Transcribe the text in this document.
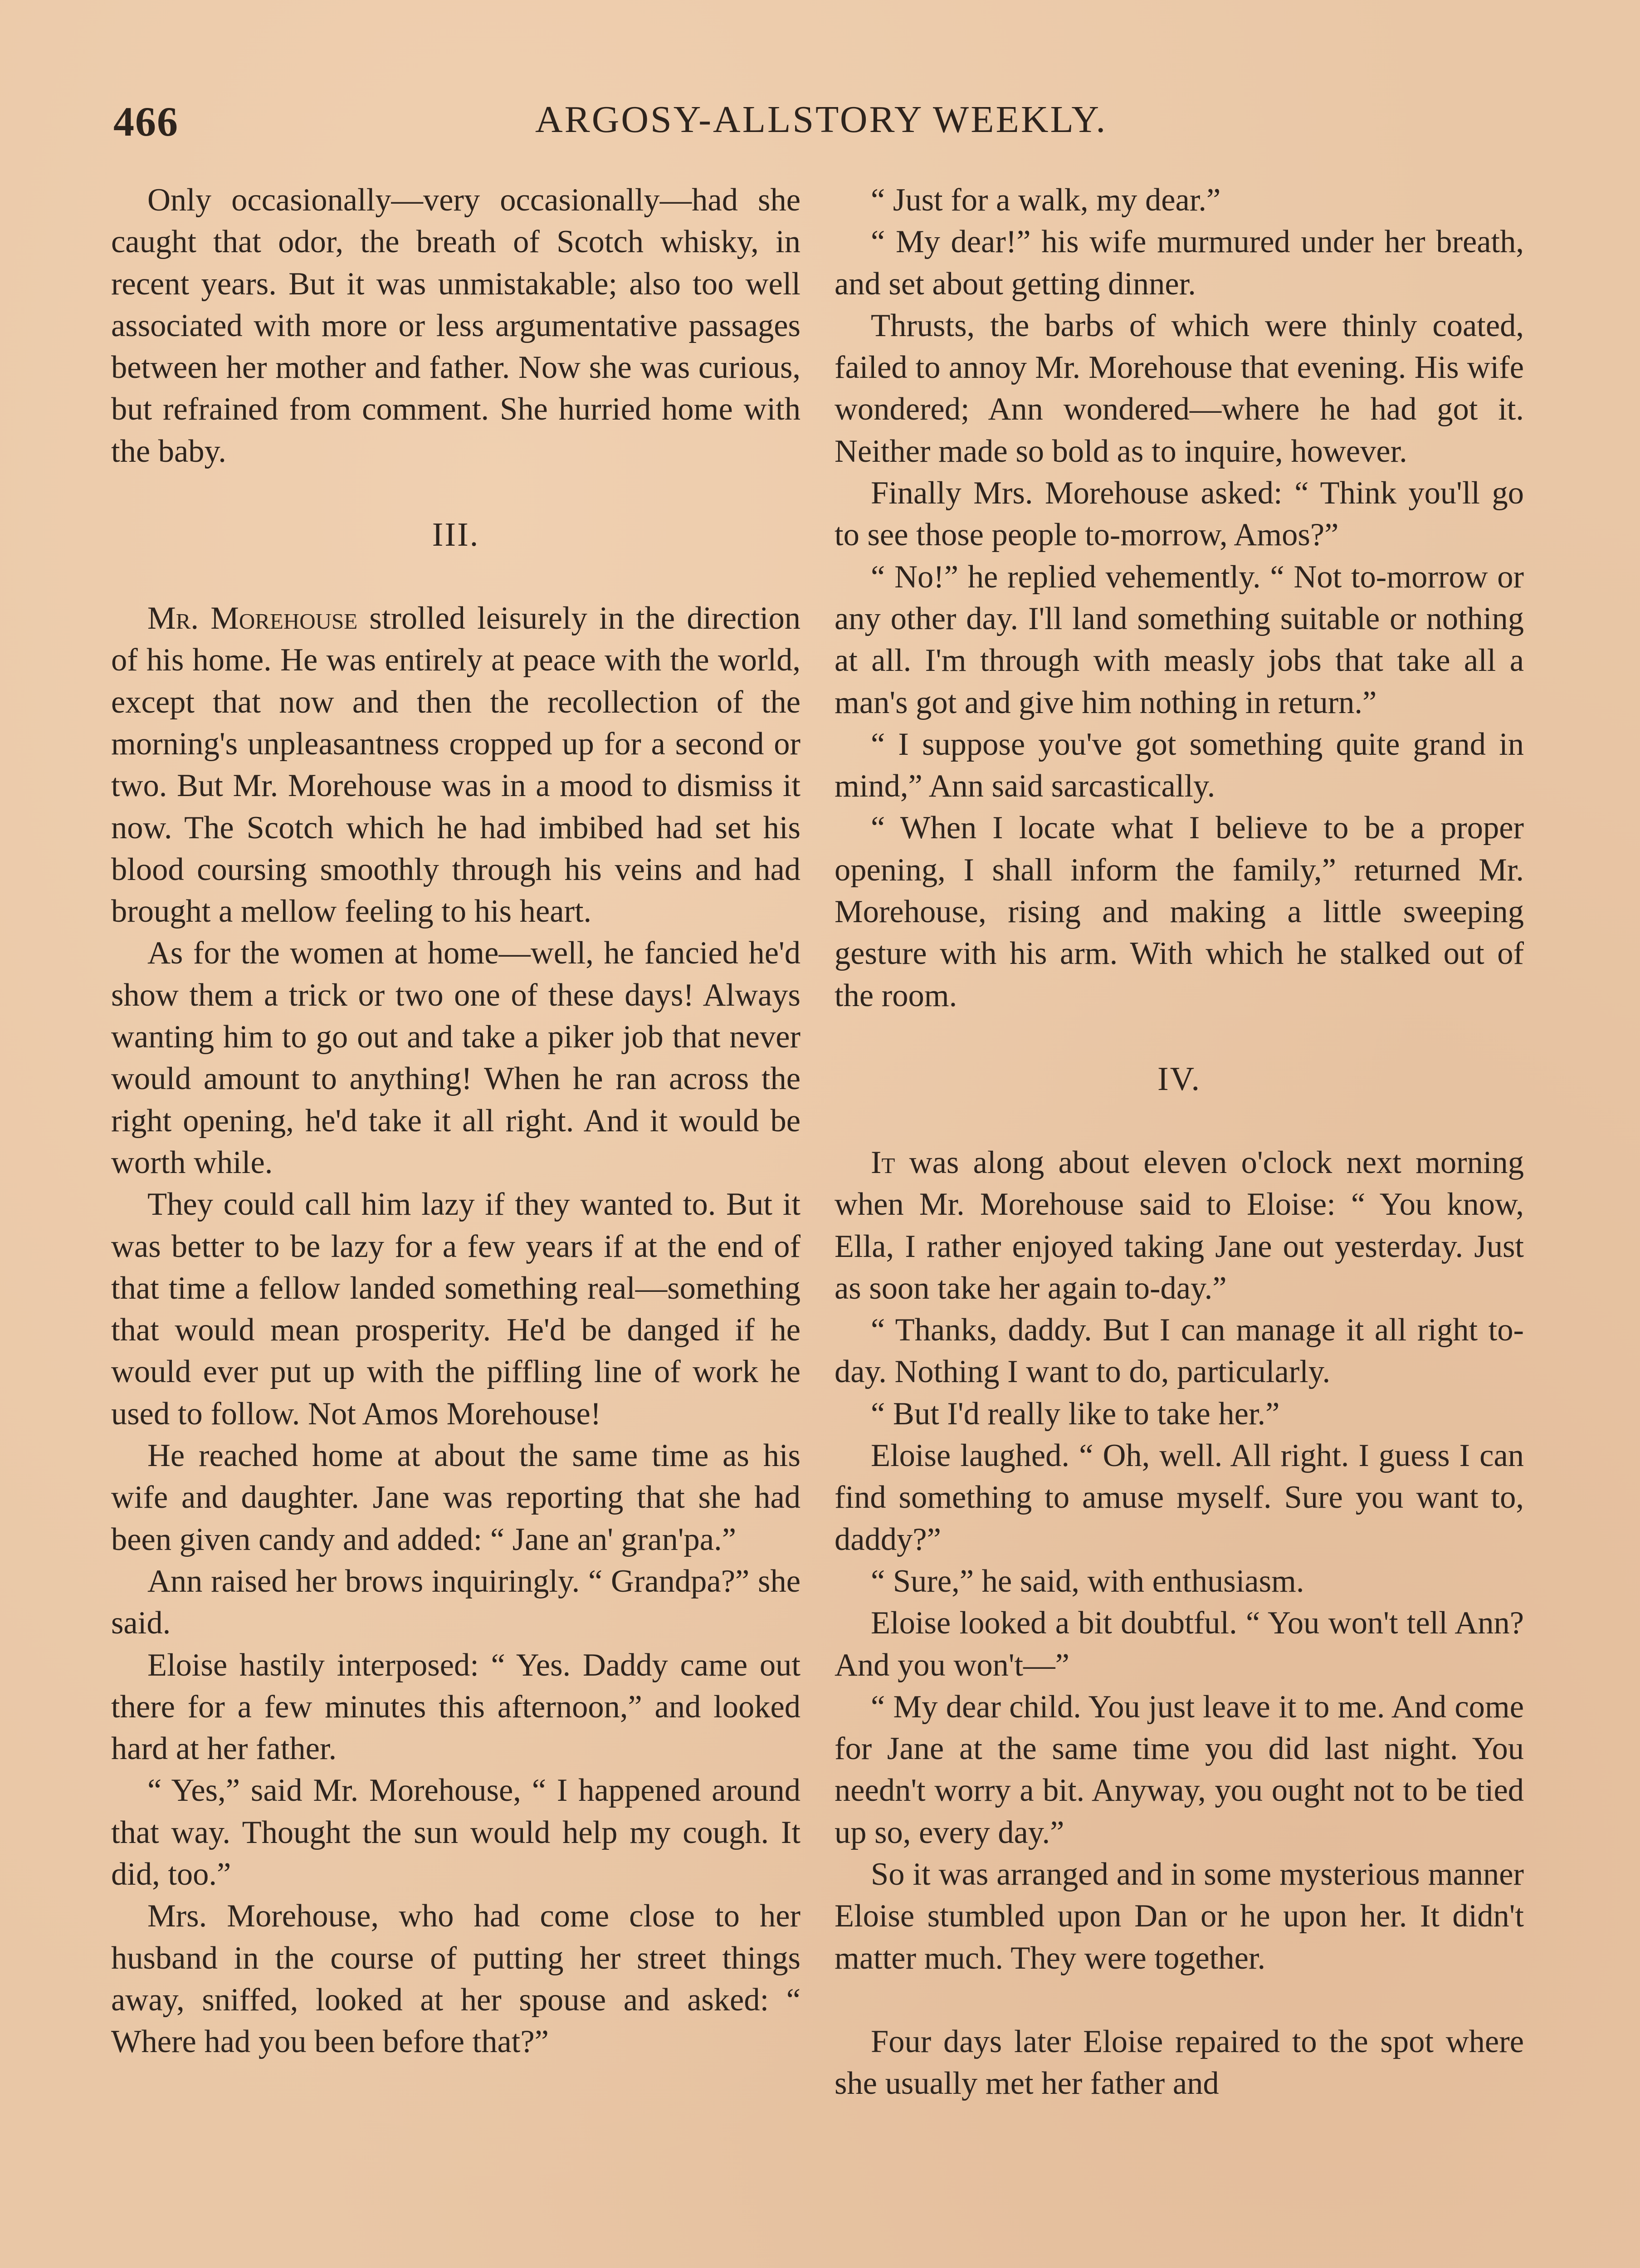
466	ARGOSY-ALLSTORY WEEKLY.

Only occasionally—very occasionally—had she caught that odor, the breath of Scotch whisky, in recent years. But it was unmistakable; also too well associated with more or less argumentative passages between her mother and father. Now she was curious, but refrained from comment. She hurried home with the baby.

III.

Mr. Morehouse strolled leisurely in the direction of his home. He was entirely at peace with the world, except that now and then the recollection of the morning's unpleasantness cropped up for a second or two. But Mr. Morehouse was in a mood to dismiss it now. The Scotch which he had imbibed had set his blood coursing smoothly through his veins and had brought a mellow feeling to his heart.

As for the women at home—well, he fancied he'd show them a trick or two one of these days! Always wanting him to go out and take a piker job that never would amount to anything! When he ran across the right opening, he'd take it all right. And it would be worth while.

They could call him lazy if they wanted to. But it was better to be lazy for a few years if at the end of that time a fellow landed something real—something that would mean prosperity. He'd be danged if he would ever put up with the piffling line of work he used to follow. Not Amos Morehouse!

He reached home at about the same time as his wife and daughter. Jane was reporting that she had been given candy and added: “ Jane an' gran'pa.”

Ann raised her brows inquiringly. “ Grandpa?” she said.

Eloise hastily interposed: “ Yes. Daddy came out there for a few minutes this afternoon,” and looked hard at her father.

“ Yes,” said Mr. Morehouse, “ I happened around that way. Thought the sun would help my cough. It did, too.”

Mrs. Morehouse, who had come close to her husband in the course of putting her street things away, sniffed, looked at her spouse and asked: “ Where had you been before that?”

“ Just for a walk, my dear.”

“ My dear!” his wife murmured under her breath, and set about getting dinner.

Thrusts, the barbs of which were thinly coated, failed to annoy Mr. Morehouse that evening. His wife wondered; Ann wondered—where he had got it. Neither made so bold as to inquire, however.

Finally Mrs. Morehouse asked: “ Think you'll go to see those people to-morrow, Amos?”

“ No!” he replied vehemently. “ Not to-morrow or any other day. I'll land something suitable or nothing at all. I'm through with measly jobs that take all a man's got and give him nothing in return.”

“ I suppose you've got something quite grand in mind,” Ann said sarcastically.

“ When I locate what I believe to be a proper opening, I shall inform the family,” returned Mr. Morehouse, rising and making a little sweeping gesture with his arm. With which he stalked out of the room.

IV.

It was along about eleven o'clock next morning when Mr. Morehouse said to Eloise: “ You know, Ella, I rather enjoyed taking Jane out yesterday. Just as soon take her again to-day.”

“ Thanks, daddy. But I can manage it all right to-day. Nothing I want to do, particularly.

“ But I'd really like to take her.”

Eloise laughed. “ Oh, well. All right. I guess I can find something to amuse myself. Sure you want to, daddy?”

“ Sure,” he said, with enthusiasm.

Eloise looked a bit doubtful. “ You won't tell Ann? And you won't—”

“ My dear child. You just leave it to me. And come for Jane at the same time you did last night. You needn't worry a bit. Anyway, you ought not to be tied up so, every day.”

So it was arranged and in some mysterious manner Eloise stumbled upon Dan or he upon her. It didn't matter much. They were together.

Four days later Eloise repaired to the spot where she usually met her father and
